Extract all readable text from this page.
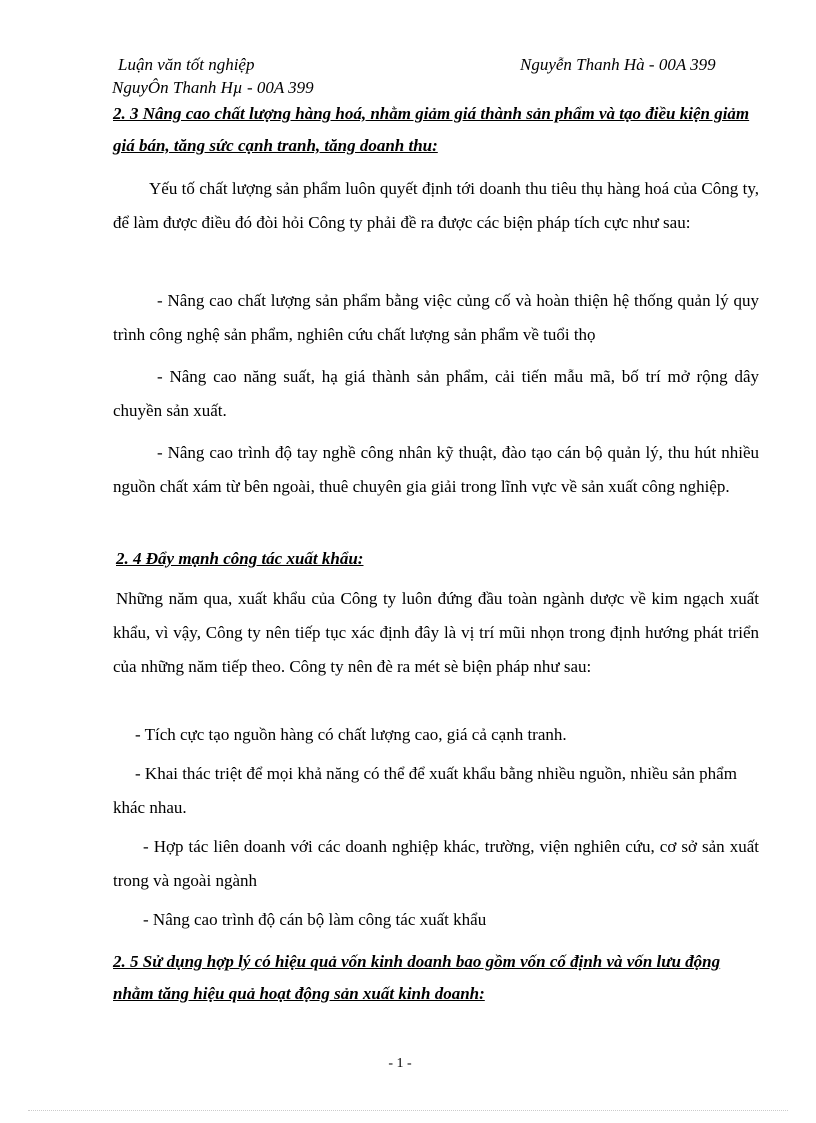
Luận văn tốt nghiệp	Nguyễn Thanh Hà - 00A 399
NguyÔn Thanh Hµ - 00A 399
2. 3 Nâng cao chất lượng hàng hoá, nhằm giảm giá thành sản phẩm và tạo điều kiện giảm giá bán, tăng sức cạnh tranh, tăng doanh thu:
Yếu tố chất lượng sản phẩm luôn quyết định tới doanh thu tiêu thụ hàng hoá của Công ty, để làm được điều đó đòi hỏi Công ty phải đề ra được các biện pháp tích cực như sau:
- Nâng cao chất lượng sản phẩm bằng việc củng cố và hoàn thiện hệ thống quản lý quy trình công nghệ sản phẩm, nghiên cứu chất lượng sản phẩm về tuổi thọ
- Nâng cao năng suất, hạ giá thành sản phẩm, cải tiến mẫu mã, bố trí mở rộng dây chuyền sản xuất.
- Nâng cao trình độ tay nghề công nhân kỹ thuật, đào tạo cán bộ quản lý, thu hút nhiều nguồn chất xám từ bên ngoài, thuê chuyên gia giải trong lĩnh vực về sản xuất công nghiệp.
2. 4 Đẩy mạnh công tác xuất khẩu:
Những năm qua, xuất khẩu của Công ty luôn đứng đầu toàn ngành dược về kim ngạch xuất khẩu, vì vậy, Công ty nên tiếp tục xác định đây là vị trí mũi nhọn trong định hướng phát triển của những năm tiếp theo. Công ty nên đè ra mét sè biện pháp như sau:
- Tích cực tạo nguồn hàng có chất lượng cao, giá cả cạnh tranh.
- Khai thác triệt để mọi khả năng có thể để xuất khẩu bằng nhiều nguồn, nhiều sản phẩm khác nhau.
- Hợp tác liên doanh với các doanh nghiệp khác, trường, viện nghiên cứu, cơ sở sản xuất trong và ngoài ngành
- Nâng cao trình độ cán bộ làm công tác xuất khẩu
2. 5 Sử dụng hợp lý có hiệu quả vốn kinh doanh bao gồm vốn cố định và vốn lưu động nhằm tăng hiệu quả hoạt động sản xuất kinh doanh:
- 1 -
